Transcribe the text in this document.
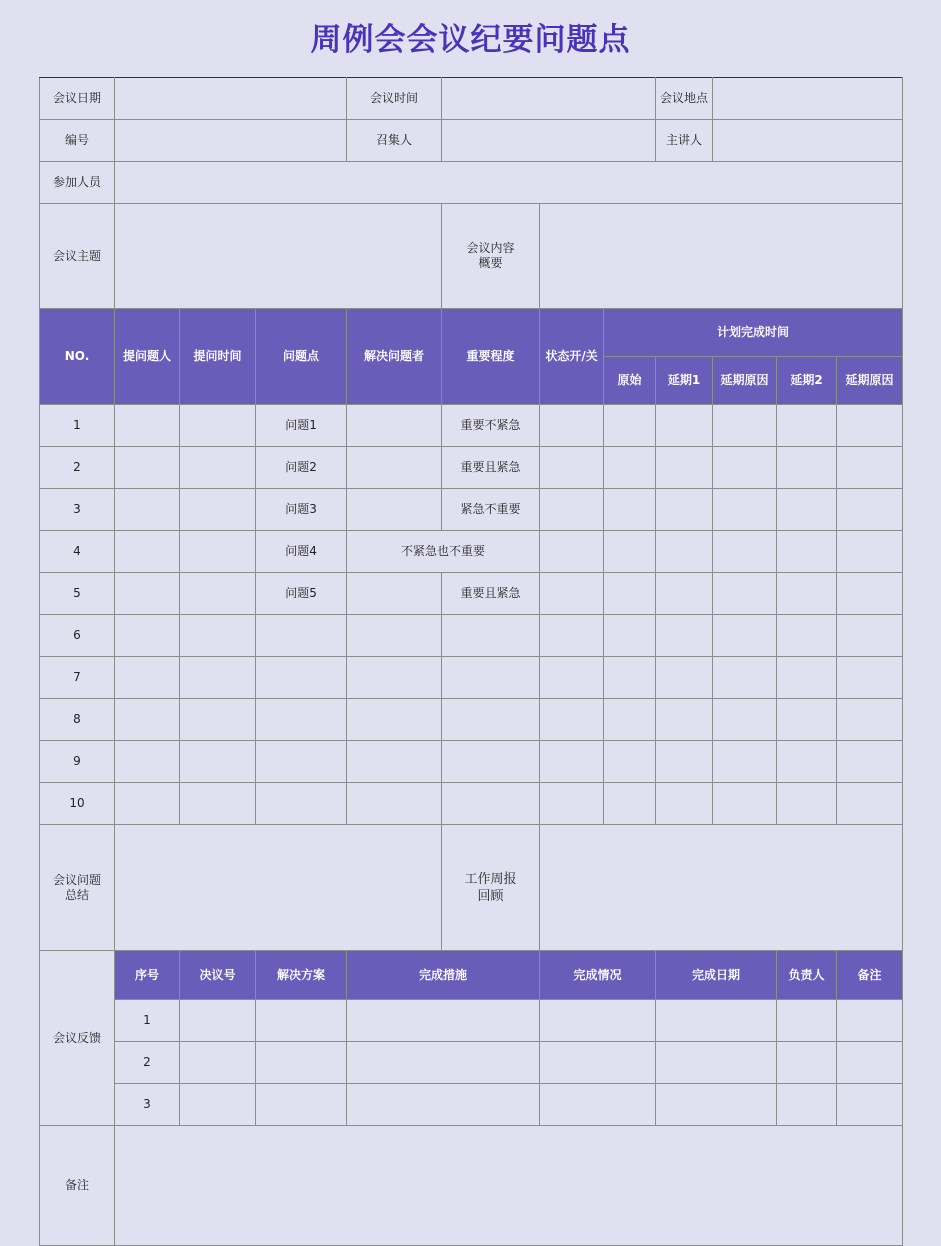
周例会会议纪要问题点
会议日期				会议时间				会议地点			
编号				召集人				主讲人			
参加人员											
会议主题					会议内容
概要						

NO.	提问题人	提问时间	问题点	解决问题者	重要程度	状态开/关	计划完成时间				
							原始	延期1	延期原因	延期2	延期原因
1			问题1		重要不紧急						
2			问题2		重要且紧急						
3			问题3		紧急不重要						
4			问题4	不紧急也不重要							
5			问题5		重要且紧急						
6											
7											
8											
9											
10											

会议问题
总结					工作周报
回顾						

会议反馈	序号	决议号	解决方案	完成措施		完成情况		完成日期		负责人	备注
	1										
	2										
	3										
备注											
